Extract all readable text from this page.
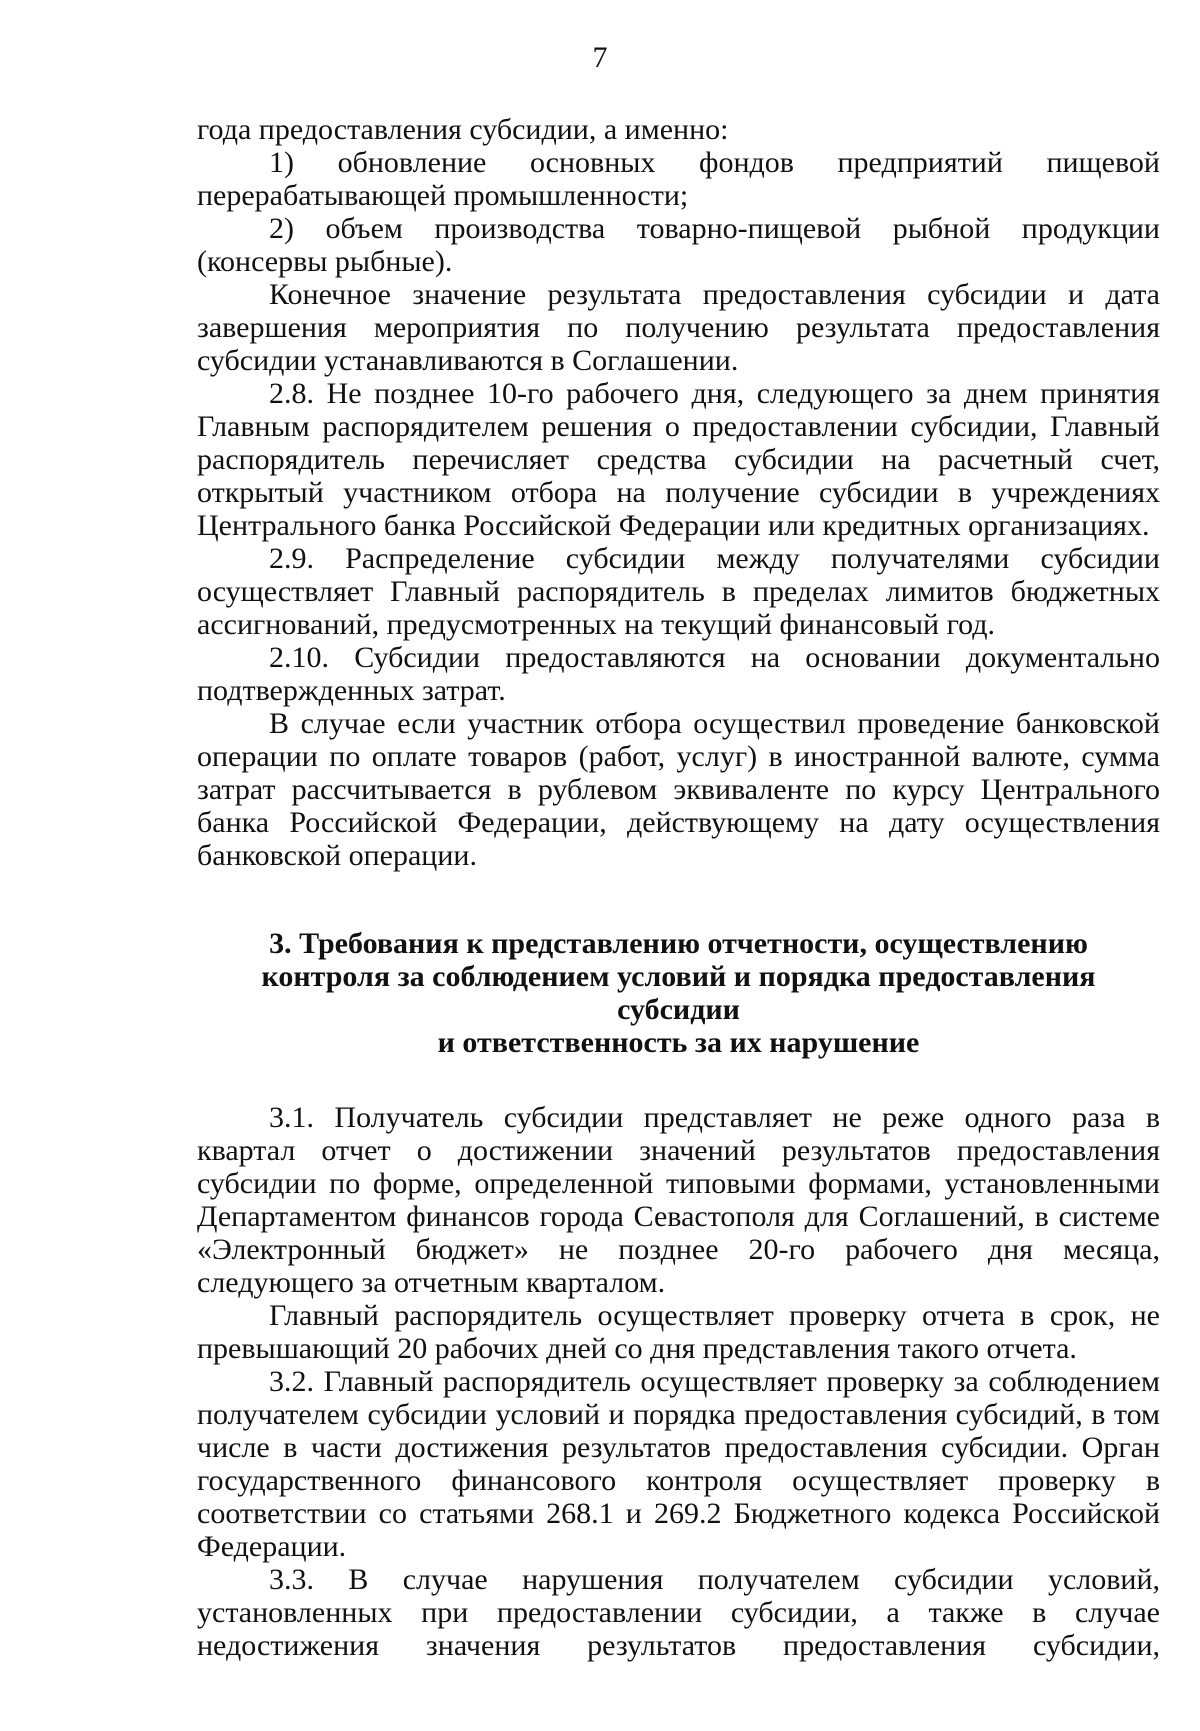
7

года предоставления субсидии, а именно:

1) обновление основных фондов предприятий пищевой перерабатывающей промышленности;

2) объем производства товарно-пищевой рыбной продукции (консервы рыбные).

Конечное значение результата предоставления субсидии и дата завершения мероприятия по получению результата предоставления субсидии устанавливаются в Соглашении.

2.8. Не позднее 10-го рабочего дня, следующего за днем принятия Главным распорядителем решения о предоставлении субсидии, Главный распорядитель перечисляет средства субсидии на расчетный счет, открытый участником отбора на получение субсидии в учреждениях Центрального банка Российской Федерации или кредитных организациях.

2.9. Распределение субсидии между получателями субсидии осуществляет Главный распорядитель в пределах лимитов бюджетных ассигнований, предусмотренных на текущий финансовый год.

2.10. Субсидии предоставляются на основании документально подтвержденных затрат.

В случае если участник отбора осуществил проведение банковской операции по оплате товаров (работ, услуг) в иностранной валюте, сумма затрат рассчитывается в рублевом эквиваленте по курсу Центрального банка Российской Федерации, действующему на дату осуществления банковской операции.

3. Требования к представлению отчетности, осуществлению
контроля за соблюдением условий и порядка предоставления субсидии
и ответственность за их нарушение

3.1. Получатель субсидии представляет не реже одного раза в квартал отчет о достижении значений результатов предоставления субсидии по форме, определенной типовыми формами, установленными Департаментом финансов города Севастополя для Соглашений, в системе «Электронный бюджет» не позднее 20-го рабочего дня месяца, следующего за отчетным кварталом.

Главный распорядитель осуществляет проверку отчета в срок, не превышающий 20 рабочих дней со дня представления такого отчета.

3.2. Главный распорядитель осуществляет проверку за соблюдением получателем субсидии условий и порядка предоставления субсидий, в том числе в части достижения результатов предоставления субсидии. Орган государственного финансового контроля осуществляет проверку в соответствии со статьями 268.1 и 269.2 Бюджетного кодекса Российской Федерации.

3.3. В случае нарушения получателем субсидии условий, установленных при предоставлении субсидии, а также в случае недостижения значения результатов предоставления субсидии,
